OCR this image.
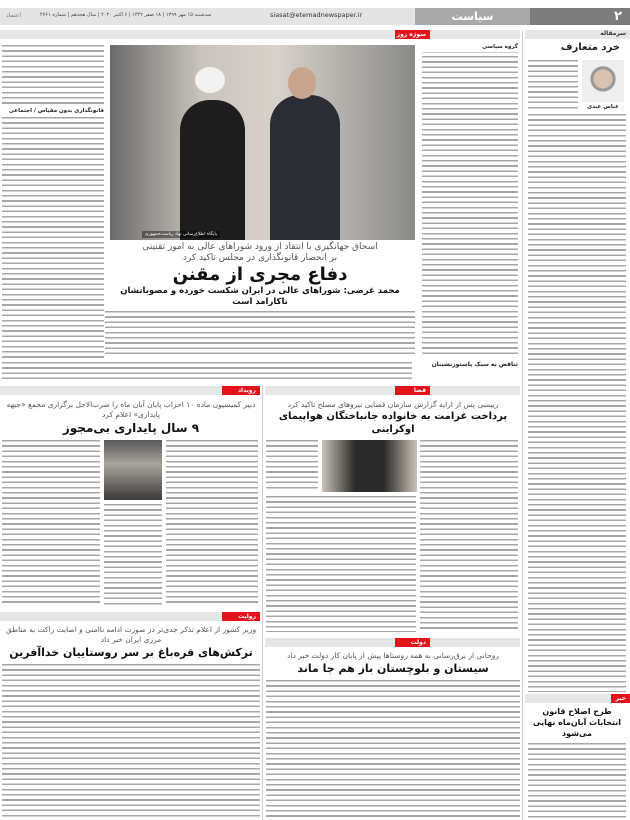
اعتماد	سه‌شنبه ۱۵ مهر ۱۳۹۹ | ۱۸ صفر ۱۴۴۲ | ۶ اکتبر ۲۰۲۰ | سال هجدهم | شماره ۴۷۶۱	siasat@etemadnewspaper.ir	سیاست	۲
سرمقاله
خرد متعارف
عباس عبدی
خبر
طرح اصلاح قانون انتخابات آبان‌ماه نهایی می‌شود
سوژه روز
گروه سیاسی
تناقض به سبک پاستورنشینان
پایگاه اطلاع‌رسانی نهاد ریاست‌جمهوری
قانونگذاری بدون مقیاس / اجتماعی
اسحاق جهانگیری با انتقاد از ورود شوراهای عالی به امور تقنینی
بر انحصار قانونگذاری در مجلس تاکید کرد
دفاع مجری از مقنن
محمد غرضی: شوراهای عالی در ایران شکست خورده و مصوباتشان ناکارامد است
رویداد	قضا
دبیر کمیسیون ماده ۱۰ احزاب پایان آبان ماه را ضرب‌الاجل برگزاری مجمع «جبهه پایداری» اعلام کرد
۹ سال پایداری بی‌مجوز
رییسی پس از ارایه گزارش سازمان قضایی نیروهای مسلح تاکید کرد
پرداخت غرامت به خانواده جانباختگان هواپیمای اوکراینی
روایت
وزیر کشور از اعلام تذکر جدی‌تر در صورت ادامه ناامنی و اصابت راکت به مناطق مرزی ایران خبر داد
ترکش‌های قره‌باغ بر سر روستاییان خداآفرین
دولت
روحانی از برق‌رسانی به همه روستاها پیش از پایان کار دولت خبر داد
سیستان و بلوچستان باز هم جا ماند
